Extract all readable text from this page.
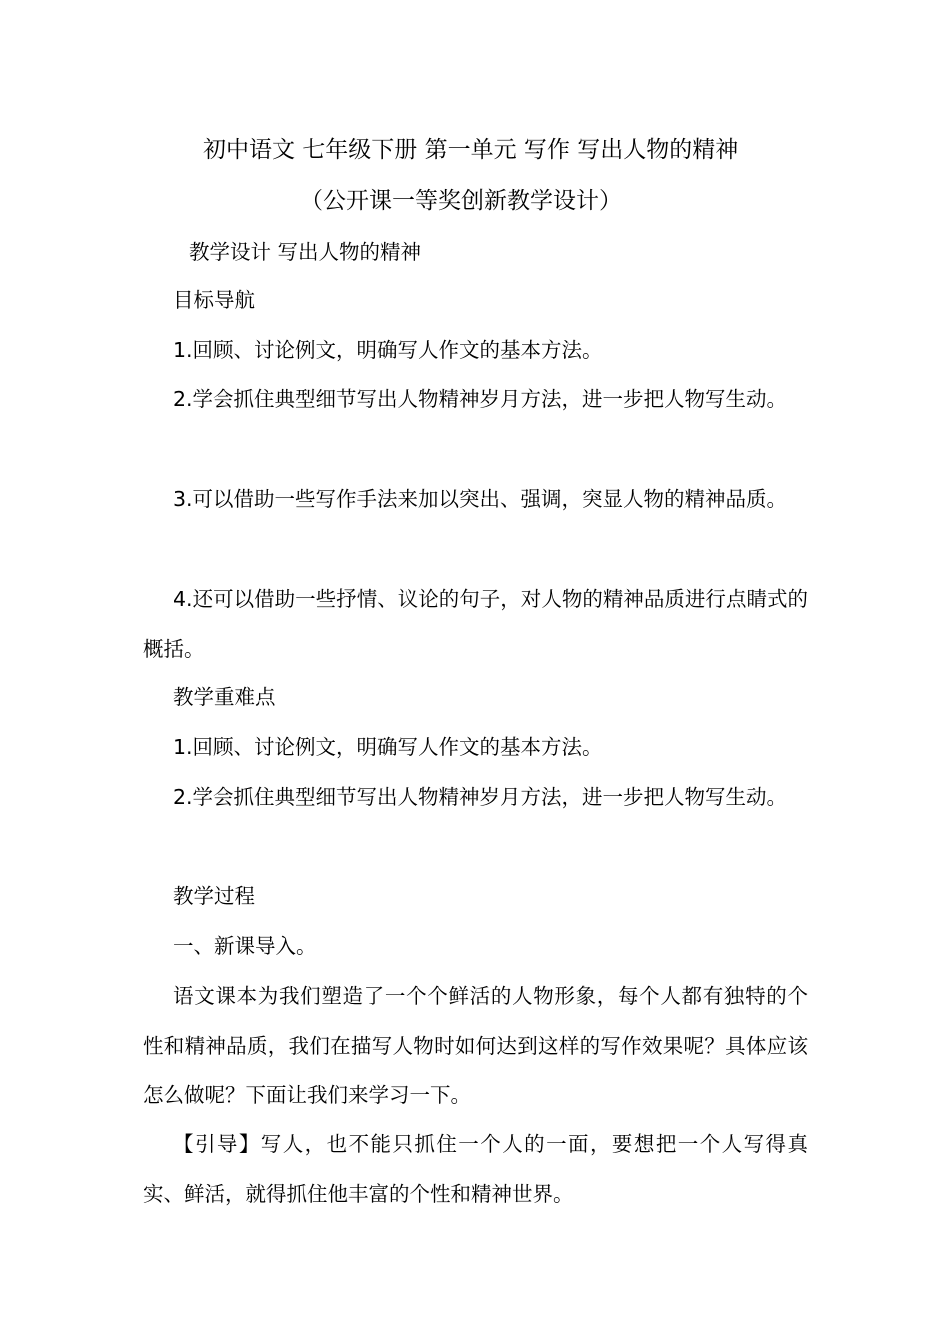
初中语文 七年级下册 第一单元 写作 写出人物的精神
（公开课一等奖创新教学设计）

教学设计 写出人物的精神

目标导航

1.回顾、讨论例文，明确写人作文的基本方法。

2.学会抓住典型细节写出人物精神岁月方法，进一步把人物写生动。

3.可以借助一些写作手法来加以突出、强调，突显人物的精神品质。

4.还可以借助一些抒情、议论的句子，对人物的精神品质进行点睛式的概括。

教学重难点

1.回顾、讨论例文，明确写人作文的基本方法。

2.学会抓住典型细节写出人物精神岁月方法，进一步把人物写生动。

教学过程

一、新课导入。

语文课本为我们塑造了一个个鲜活的人物形象，每个人都有独特的个性和精神品质，我们在描写人物时如何达到这样的写作效果呢？具体应该怎么做呢？下面让我们来学习一下。

【引导】写人，也不能只抓住一个人的一面，要想把一个人写得真实、鲜活，就得抓住他丰富的个性和精神世界。
